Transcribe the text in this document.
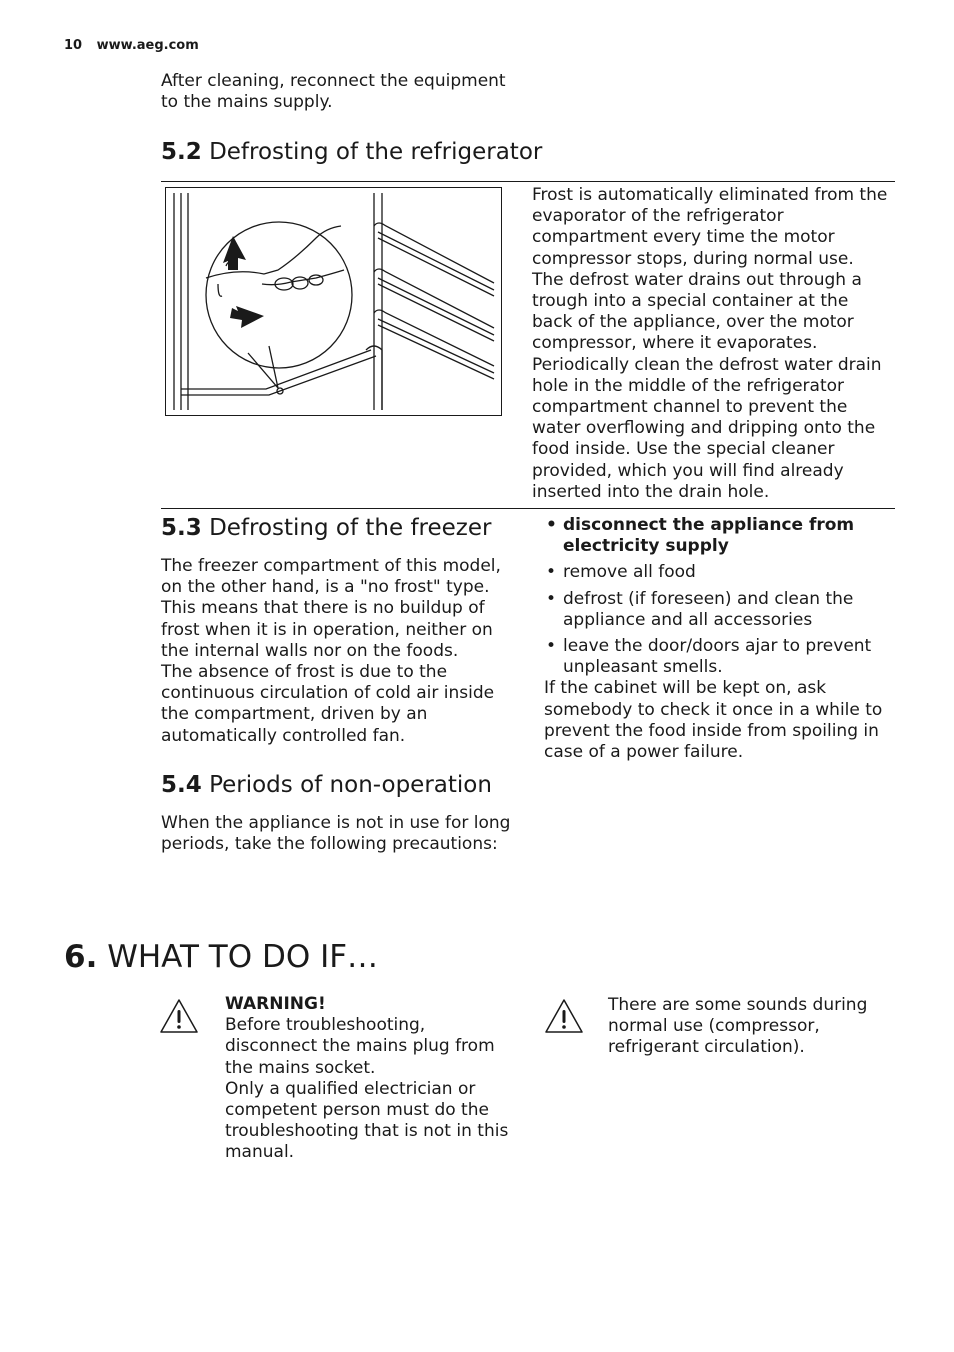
10 www.aeg.com

After cleaning, reconnect the equipment to the mains supply.

5.2 Defrosting of the refrigerator

Frost is automatically eliminated from the evaporator of the refrigerator compartment every time the motor compressor stops, during normal use. The defrost water drains out through a trough into a special container at the back of the appliance, over the motor compressor, where it evaporates.

Periodically clean the defrost water drain hole in the middle of the refrigerator compartment channel to prevent the water overflowing and dripping onto the food inside. Use the special cleaner provided, which you will find already inserted into the drain hole.

5.3 Defrosting of the freezer

The freezer compartment of this model, on the other hand, is a "no frost" type. This means that there is no buildup of frost when it is in operation, neither on the internal walls nor on the foods.

The absence of frost is due to the continuous circulation of cold air inside the compartment, driven by an automatically controlled fan.

5.4 Periods of non-operation

When the appliance is not in use for long periods, take the following precautions:

• disconnect the appliance from electricity supply
• remove all food
• defrost (if foreseen) and clean the appliance and all accessories
• leave the door/doors ajar to prevent unpleasant smells.

If the cabinet will be kept on, ask somebody to check it once in a while to prevent the food inside from spoiling in case of a power failure.

6. WHAT TO DO IF…

WARNING!

Before troubleshooting, disconnect the mains plug from the mains socket.

Only a qualified electrician or competent person must do the troubleshooting that is not in this manual.

There are some sounds during normal use (compressor, refrigerant circulation).
